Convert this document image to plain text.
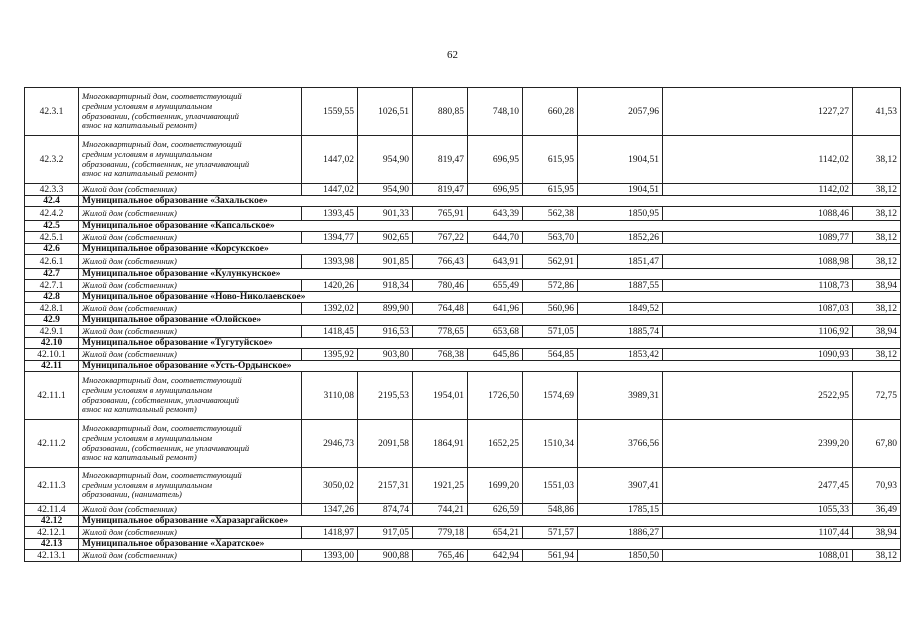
62
42.3.1	Многоквартирный дом, соответствующий
средним условиям в муниципальном
образовании, (собственник, уплачивающий
взнос на капитальный ремонт)	1559,55	1026,51	880,85	748,10	660,28	2057,96	1227,27	41,53
42.3.2	Многоквартирный дом, соответствующий
средним условиям в муниципальном
образовании, (собственник, не уплачивающий
взнос на капитальный ремонт)	1447,02	954,90	819,47	696,95	615,95	1904,51	1142,02	38,12
42.3.3	Жилой дом (собственник)	1447,02	954,90	819,47	696,95	615,95	1904,51	1142,02	38,12
42.4	Муниципальное образование «Захальское»								
42.4.2	Жилой дом (собственник)	1393,45	901,33	765,91	643,39	562,38	1850,95	1088,46	38,12
42.5	Муниципальное образование «Капсальское»								
42.5.1	Жилой дом (собственник)	1394,77	902,65	767,22	644,70	563,70	1852,26	1089,77	38,12
42.6	Муниципальное образование «Корсукское»								
42.6.1	Жилой дом (собственник)	1393,98	901,85	766,43	643,91	562,91	1851,47	1088,98	38,12
42.7	Муниципальное образование «Кулункунское»								
42.7.1	Жилой дом (собственник)	1420,26	918,34	780,46	655,49	572,86	1887,55	1108,73	38,94
42.8	Муниципальное образование «Ново-Николаевское»								
42.8.1	Жилой дом (собственник)	1392,02	899,90	764,48	641,96	560,96	1849,52	1087,03	38,12
42.9	Муниципальное образование «Олойское»								
42.9.1	Жилой дом (собственник)	1418,45	916,53	778,65	653,68	571,05	1885,74	1106,92	38,94
42.10	Муниципальное образование «Тугутуйское»								
42.10.1	Жилой дом (собственник)	1395,92	903,80	768,38	645,86	564,85	1853,42	1090,93	38,12
42.11	Муниципальное образование «Усть-Ордынское»								
42.11.1	Многоквартирный дом, соответствующий
средним условиям в муниципальном
образовании, (собственник, уплачивающий
взнос на капитальный ремонт)	3110,08	2195,53	1954,01	1726,50	1574,69	3989,31	2522,95	72,75
42.11.2	Многоквартирный дом, соответствующий
средним условиям в муниципальном
образовании, (собственник, не уплачивающий
взнос на капитальный ремонт)	2946,73	2091,58	1864,91	1652,25	1510,34	3766,56	2399,20	67,80
42.11.3	Многоквартирный дом, соответствующий
средним условиям в муниципальном
образовании, (наниматель)	3050,02	2157,31	1921,25	1699,20	1551,03	3907,41	2477,45	70,93
42.11.4	Жилой дом (собственник)	1347,26	874,74	744,21	626,59	548,86	1785,15	1055,33	36,49
42.12	Муниципальное образование «Харазаргайское»								
42.12.1	Жилой дом (собственник)	1418,97	917,05	779,18	654,21	571,57	1886,27	1107,44	38,94
42.13	Муниципальное образование «Харатское»								
42.13.1	Жилой дом (собственник)	1393,00	900,88	765,46	642,94	561,94	1850,50	1088,01	38,12
